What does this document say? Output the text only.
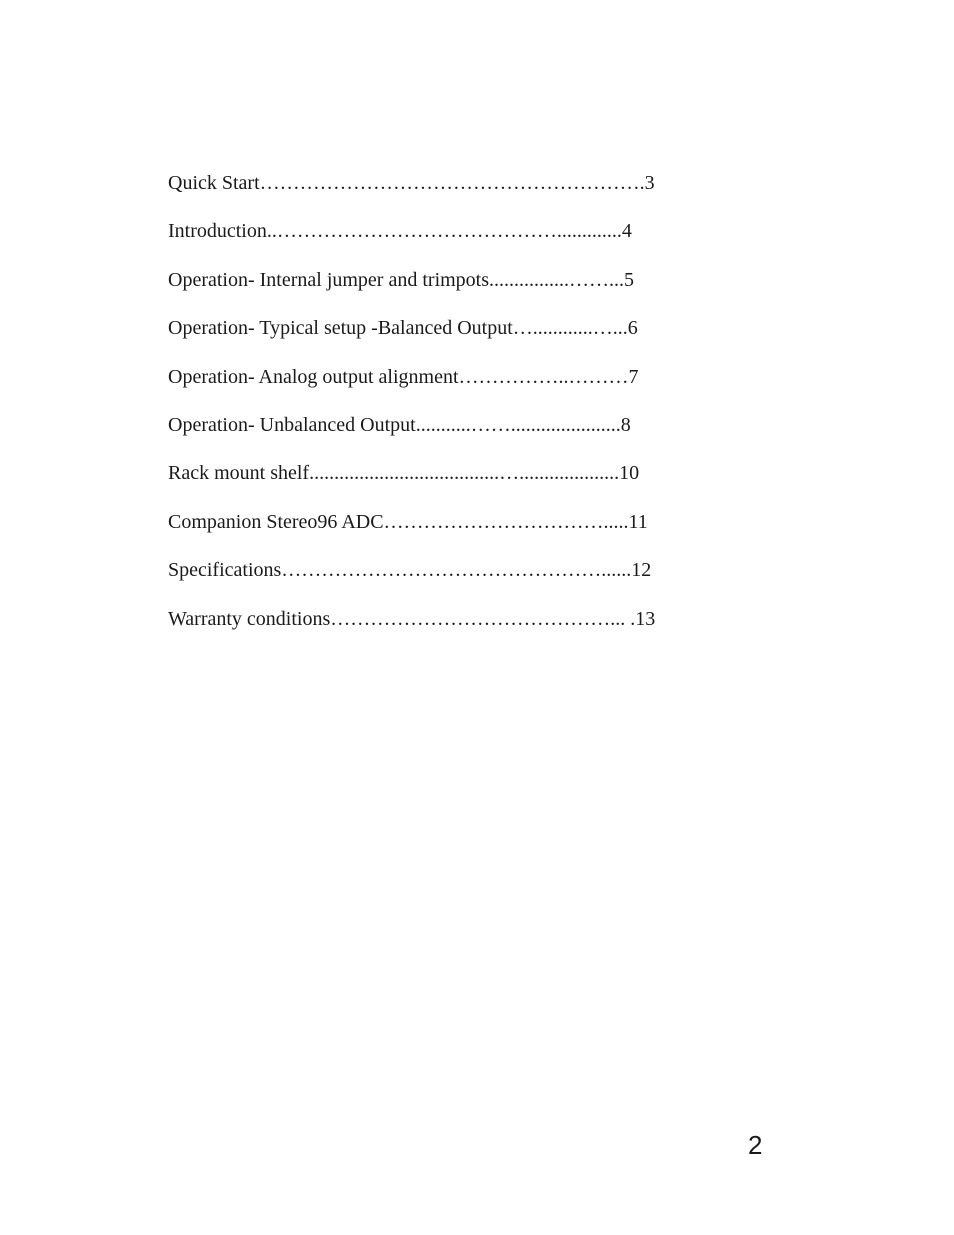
Quick Start………………………………………………….3
Introduction..…………………………………….............4
Operation- Internal jumper and trimpots................……...5
Operation- Typical setup -Balanced Output…............…...6
Operation- Analog output alignment……………..………7
Operation- Unbalanced Output...........……......................8
Rack mount shelf......................................…....................10
Companion Stereo96 ADC…………………………….....11
Specifications…………………………………………......12
Warranty conditions……………………………………... .13
2
